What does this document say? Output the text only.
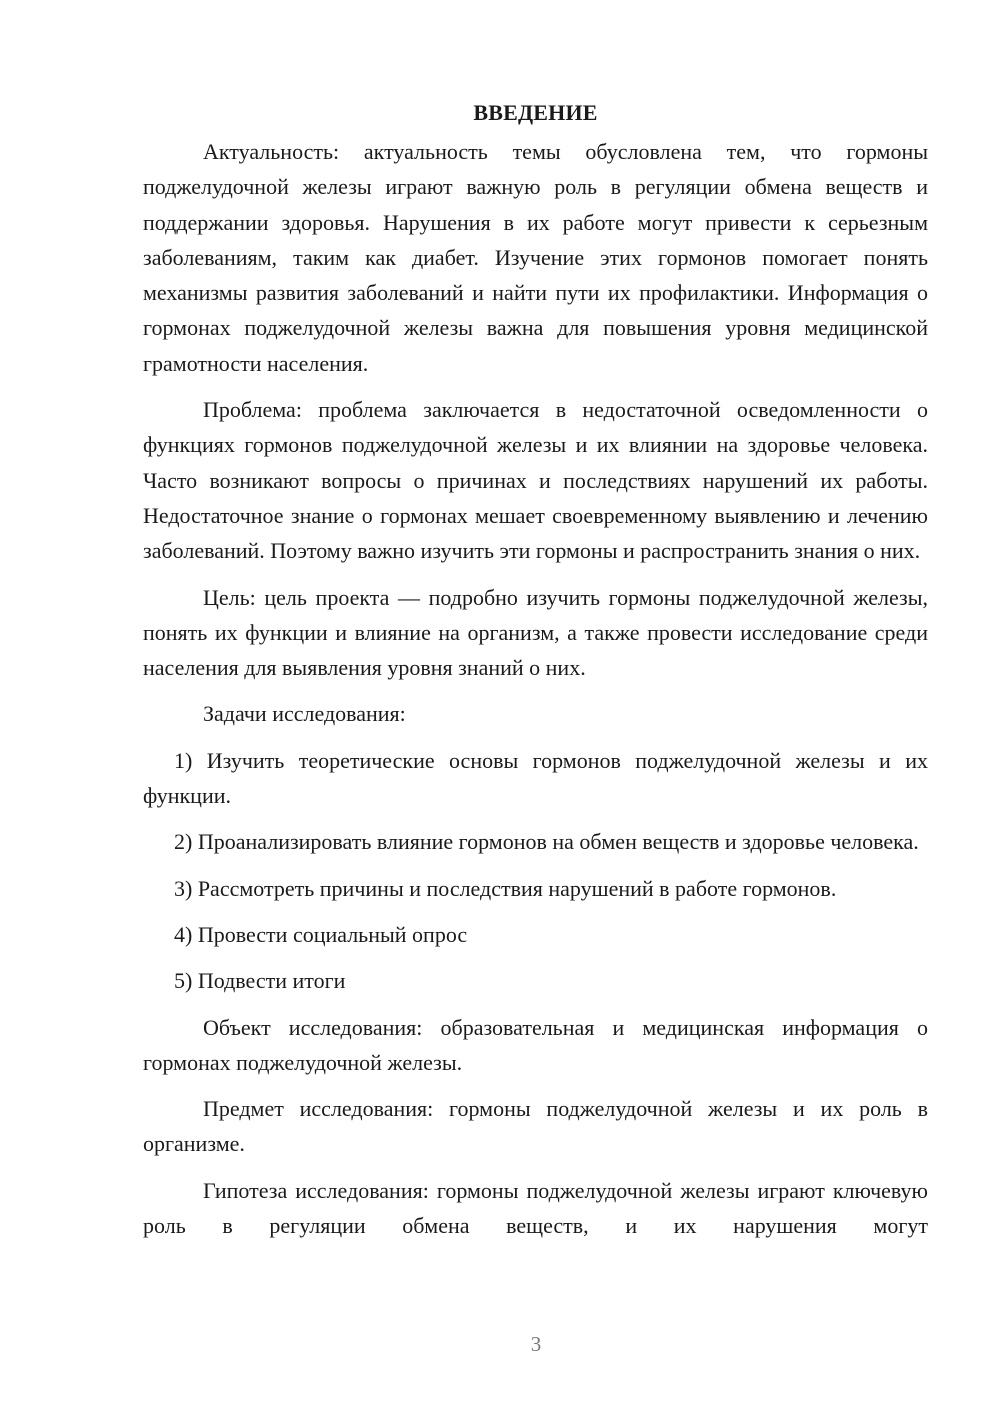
ВВЕДЕНИЕ

Актуальность: актуальность темы обусловлена тем, что гормоны поджелудочной железы играют важную роль в регуляции обмена веществ и поддержании здоровья. Нарушения в их работе могут привести к серьезным заболеваниям, таким как диабет. Изучение этих гормонов помогает понять механизмы развития заболеваний и найти пути их профилактики. Информация о гормонах поджелудочной железы важна для повышения уровня медицинской грамотности населения.

Проблема: проблема заключается в недостаточной осведомленности о функциях гормонов поджелудочной железы и их влиянии на здоровье человека. Часто возникают вопросы о причинах и последствиях нарушений их работы. Недостаточное знание о гормонах мешает своевременному выявлению и лечению заболеваний. Поэтому важно изучить эти гормоны и распространить знания о них.

Цель: цель проекта — подробно изучить гормоны поджелудочной железы, понять их функции и влияние на организм, а также провести исследование среди населения для выявления уровня знаний о них.

Задачи исследования:

1) Изучить теоретические основы гормонов поджелудочной железы и их функции.

2) Проанализировать влияние гормонов на обмен веществ и здоровье человека.

3) Рассмотреть причины и последствия нарушений в работе гормонов.

4) Провести социальный опрос

5) Подвести итоги

Объект исследования: образовательная и медицинская информация о гормонах поджелудочной железы.

Предмет исследования: гормоны поджелудочной железы и их роль в организме.

Гипотеза исследования: гормоны поджелудочной железы играют ключевую роль в регуляции обмена веществ, и их нарушения могут

3
